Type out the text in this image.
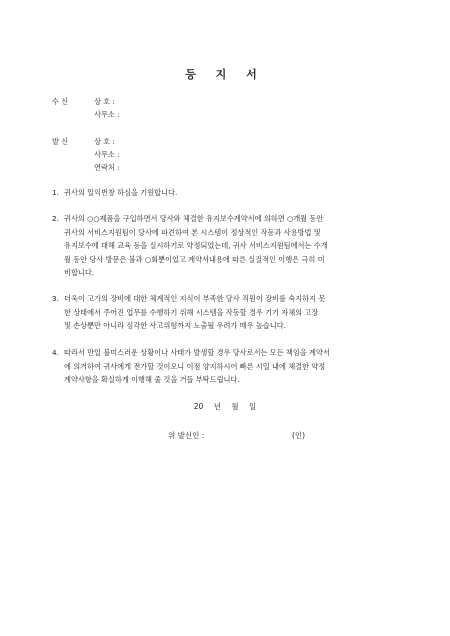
등 지 서
수 신	상 호 :
사무소 :
발 신	상 호 :
사무소 :
연락처 :
1. 귀사의 일익번창 하심을 기원합니다.
2. 귀사의 ○○제품을 구입하면서 당사와 체결한 유지보수계약서에 의하면 ○개월 동안
귀사의 서비스지원팀이 당사에 파견하여 본 시스템이 정상적인 작동과 사용방법 및
유지보수에 대해 교육 등을 실시하기로 약정되었는데, 귀사 서비스지원팀에서는 수개
월 동안 당사 방문은 불과 ○회뿐이었고 계약서내용에 따른 실질적인 이행은 극히 미
비합니다.
3. 더욱이 고가의 장비에 대한 체계적인 지식이 부족한 당사 직원이 장비를 숙지하지 못
한 상태에서 주어진 업무를 수행하기 위해 시스템을 작동할 경우 기기 자체의 고장
및 손상뿐만 아니라 심각한 사고위험까지 노출될 우려가 매우 높습니다.
4. 따라서 만일 불미스러운 상황이나 사태가 발생할 경우 당사로서는 모든 책임을 계약서
에 의거하여 귀사에게 전가할 것이오니 이점 양지하시어 빠른 시일 내에 체결한 약정
계약사항을 확실하게 이행해 줄 것을 거듭 부탁드립니다.
20 년 월 일
위 발신인 :	(인)
